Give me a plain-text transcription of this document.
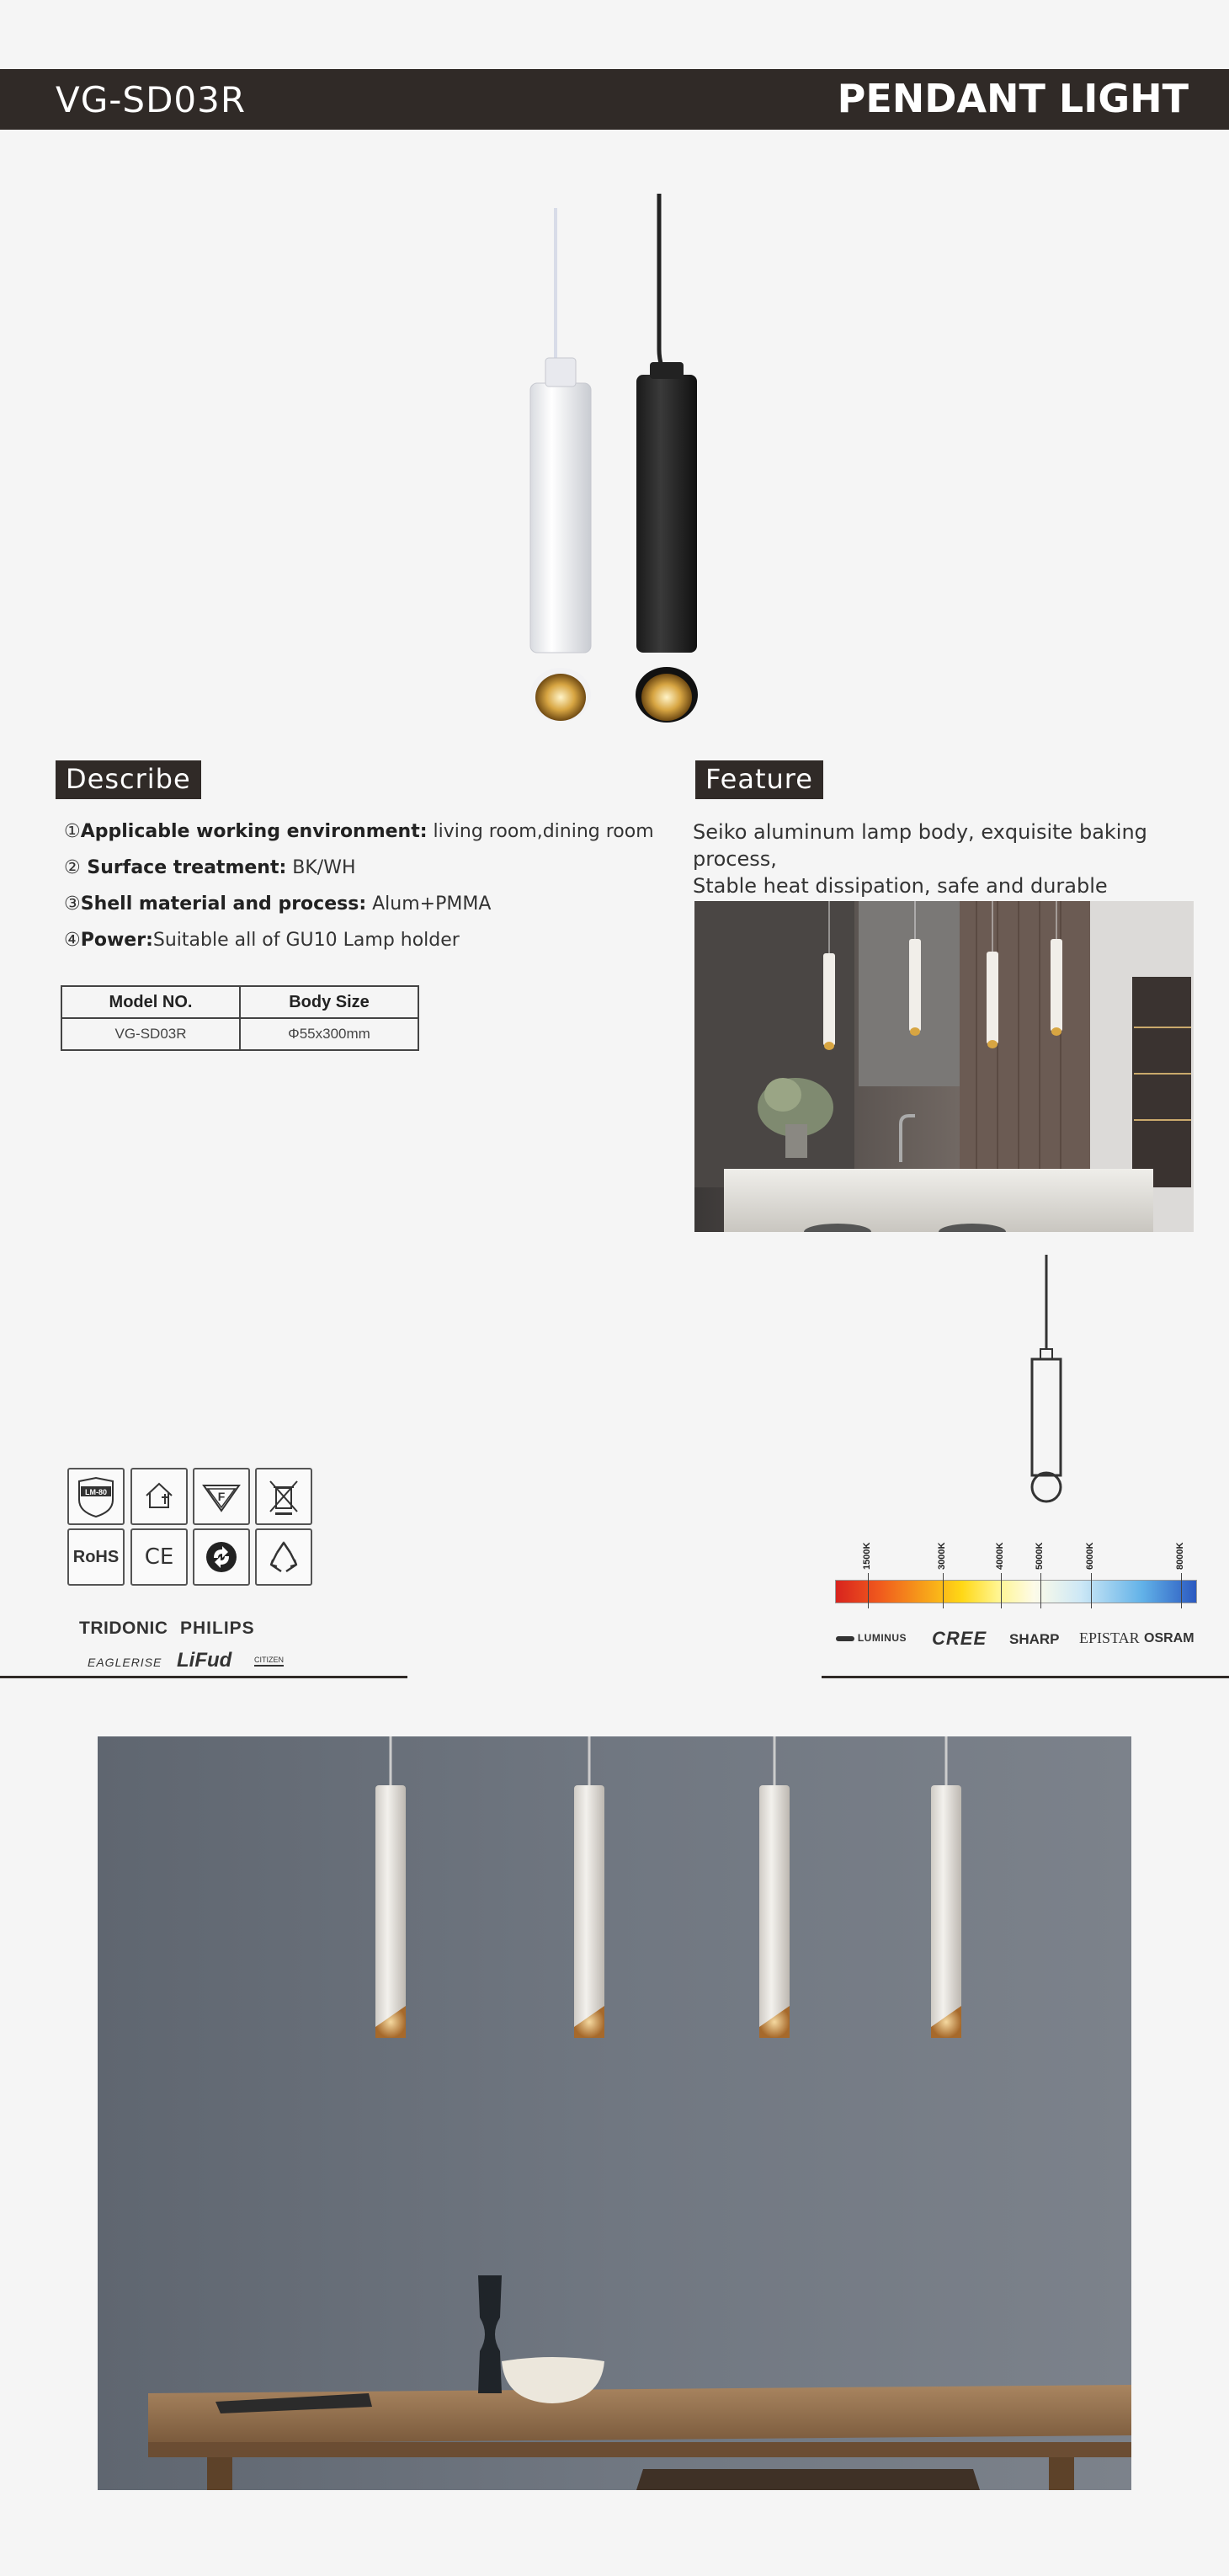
VG-SD03R	PENDANT LIGHT
Describe
①Applicable working environment: living room,dining room
② Surface treatment: BK/WH
③Shell material and process: Alum+PMMA
④Power:Suitable all of GU10 Lamp holder
Model NO.	Body Size
VG-SD03R	Φ55x300mm
Feature
Seiko aluminum lamp body, exquisite baking process,
Stable heat dissipation, safe and durable
LM-80	F
RoHS	CE
TRIDONIC PHILIPS
EAGLERISE LiFud	CITIZEN
1500K	3000K	4000K	5000K	6000K	8000K
LUMINUS CREE SHARP EPISTAR OSRAM
